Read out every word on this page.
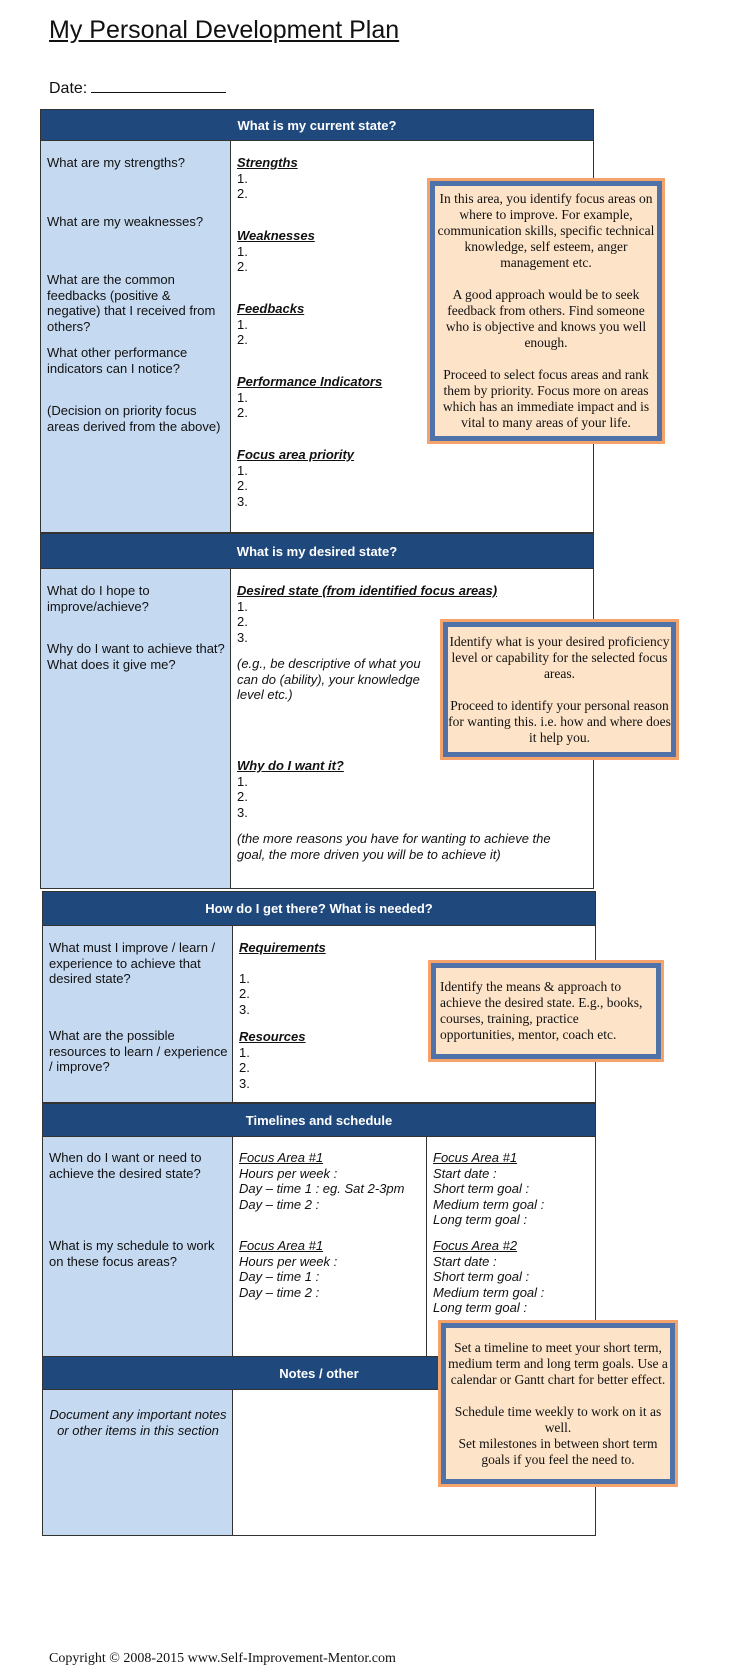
My Personal Development Plan
Date:
What is my current state?
What are my strengths?
What are my weaknesses?
What are the common feedbacks (positive & negative) that I received from others?
What other performance indicators can I notice?
(Decision on priority focus areas derived from the above)
Strengths
1.
2.
Weaknesses
1.
2.
Feedbacks
1.
2.
Performance Indicators
1.
2.
Focus area priority
1.
2.
3.

In this area, you identify focus areas on where to improve. For example, communication skills, specific technical knowledge, self esteem, anger management etc.

A good approach would be to seek feedback from others. Find someone who is objective and knows you well enough.

Proceed to select focus areas and rank them by priority. Focus more on areas which has an immediate impact and is vital to many areas of your life.

What is my desired state?
What do I hope to improve/achieve?
Why do I want to achieve that? What does it give me?
Desired state (from identified focus areas)
1.
2.
3.
(e.g., be descriptive of what you can do (ability), your knowledge level etc.)
Why do I want it?
1.
2.
3.
(the more reasons you have for wanting to achieve the goal, the more driven you will be to achieve it)

Identify what is your desired proficiency level or capability for the selected focus areas.

Proceed to identify your personal reason for wanting this. i.e. how and where does it help you.

How do I get there? What is needed?
What must I improve / learn / experience to achieve that desired state?
What are the possible resources to learn / experience / improve?
Requirements
1.
2.
3.
Resources
1.
2.
3.

Identify the means & approach to achieve the desired state. E.g., books, courses, training, practice opportunities, mentor, coach etc.

Timelines and schedule
When do I want or need to achieve the desired state?
What is my schedule to work on these focus areas?
Focus Area #1
Hours per week :
Day – time 1 : eg. Sat 2-3pm
Day – time 2 :
Focus Area #1
Hours per week :
Day – time 1 :
Day – time 2 :
Focus Area #1
Start date :
Short term goal :
Medium term goal :
Long term goal :
Focus Area #2
Start date :
Short term goal :
Medium term goal :
Long term goal :
Notes / other
Document any important notes or other items in this section

Set a timeline to meet your short term, medium term and long term goals. Use a calendar or Gantt chart for better effect.

Schedule time weekly to work on it as well.
Set milestones in between short term goals if you feel the need to.

Copyright © 2008-2015 www.Self-Improvement-Mentor.com
